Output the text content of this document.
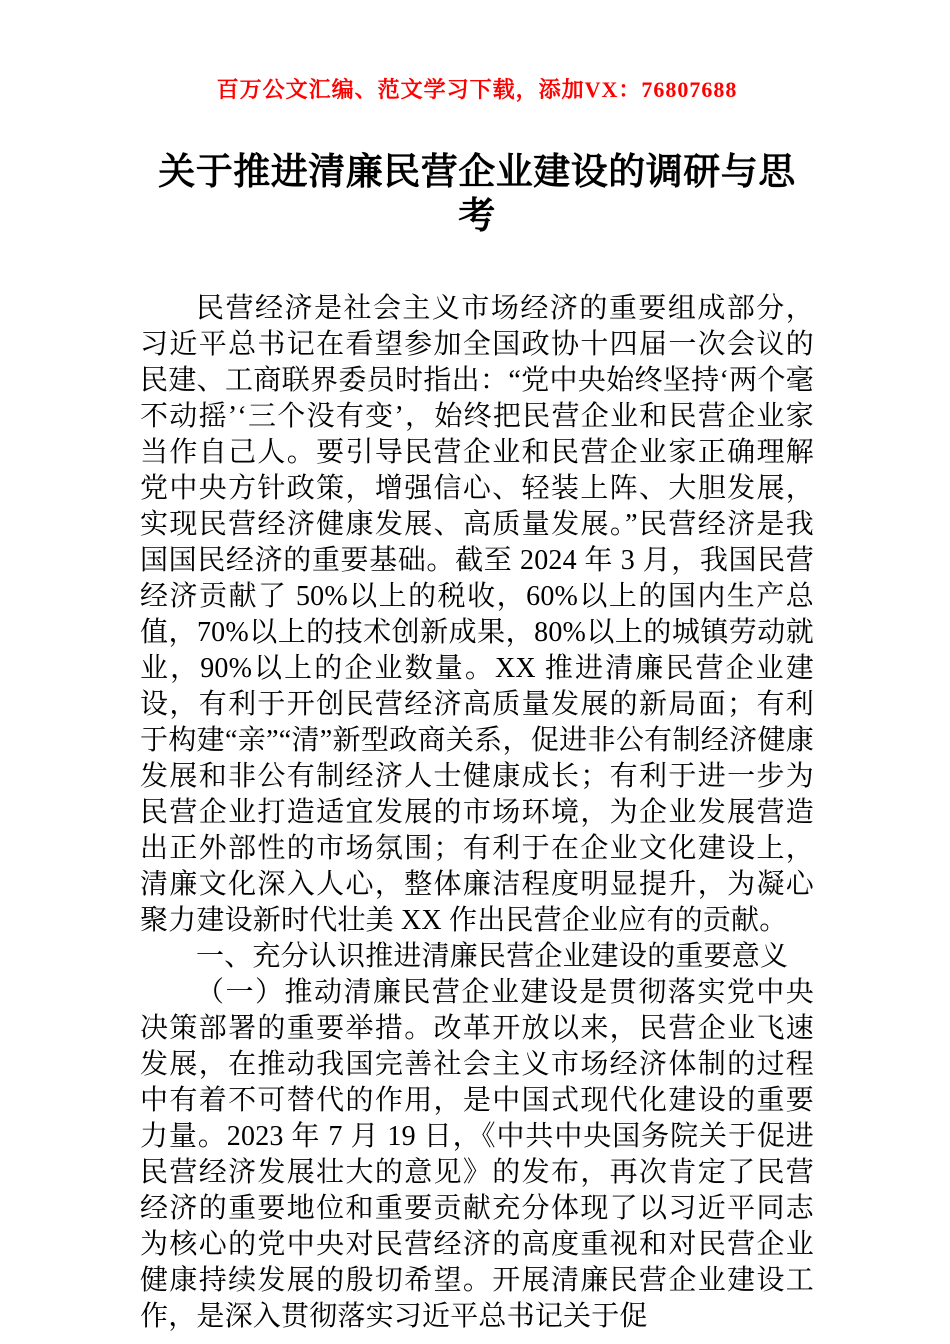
百万公文汇编、范文学习下载，添加VX：76807688
关于推进清廉民营企业建设的调研与思考

民营经济是社会主义市场经济的重要组成部分，习近平总书记在看望参加全国政协十四届一次会议的民建、工商联界委员时指出：“党中央始终坚持‘两个毫不动摇’‘三个没有变’，始终把民营企业和民营企业家当作自己人。要引导民营企业和民营企业家正确理解党中央方针政策，增强信心、轻装上阵、大胆发展，实现民营经济健康发展、高质量发展。”民营经济是我国国民经济的重要基础。截至 2024 年 3 月，我国民营经济贡献了 50%以上的税收，60%以上的国内生产总值，70%以上的技术创新成果，80%以上的城镇劳动就业，90%以上的企业数量。XX 推进清廉民营企业建设，有利于开创民营经济高质量发展的新局面；有利于构建“亲”“清”新型政商关系，促进非公有制经济健康发展和非公有制经济人士健康成长；有利于进一步为民营企业打造适宜发展的市场环境，为企业发展营造出正外部性的市场氛围；有利于在企业文化建设上，清廉文化深入人心，整体廉洁程度明显提升，为凝心聚力建设新时代壮美 XX 作出民营企业应有的贡献。

一、充分认识推进清廉民营企业建设的重要意义

（一）推动清廉民营企业建设是贯彻落实党中央决策部署的重要举措。改革开放以来，民营企业飞速发展，在推动我国完善社会主义市场经济体制的过程中有着不可替代的作用，是中国式现代化建设的重要力量。2023 年 7 月 19 日，《中共中央国务院关于促进民营经济发展壮大的意见》的发布，再次肯定了民营经济的重要地位和重要贡献充分体现了以习近平同志为核心的党中央对民营经济的高度重视和对民营企业健康持续发展的殷切希望。开展清廉民营企业建设工作，是深入贯彻落实习近平总书记关于促
